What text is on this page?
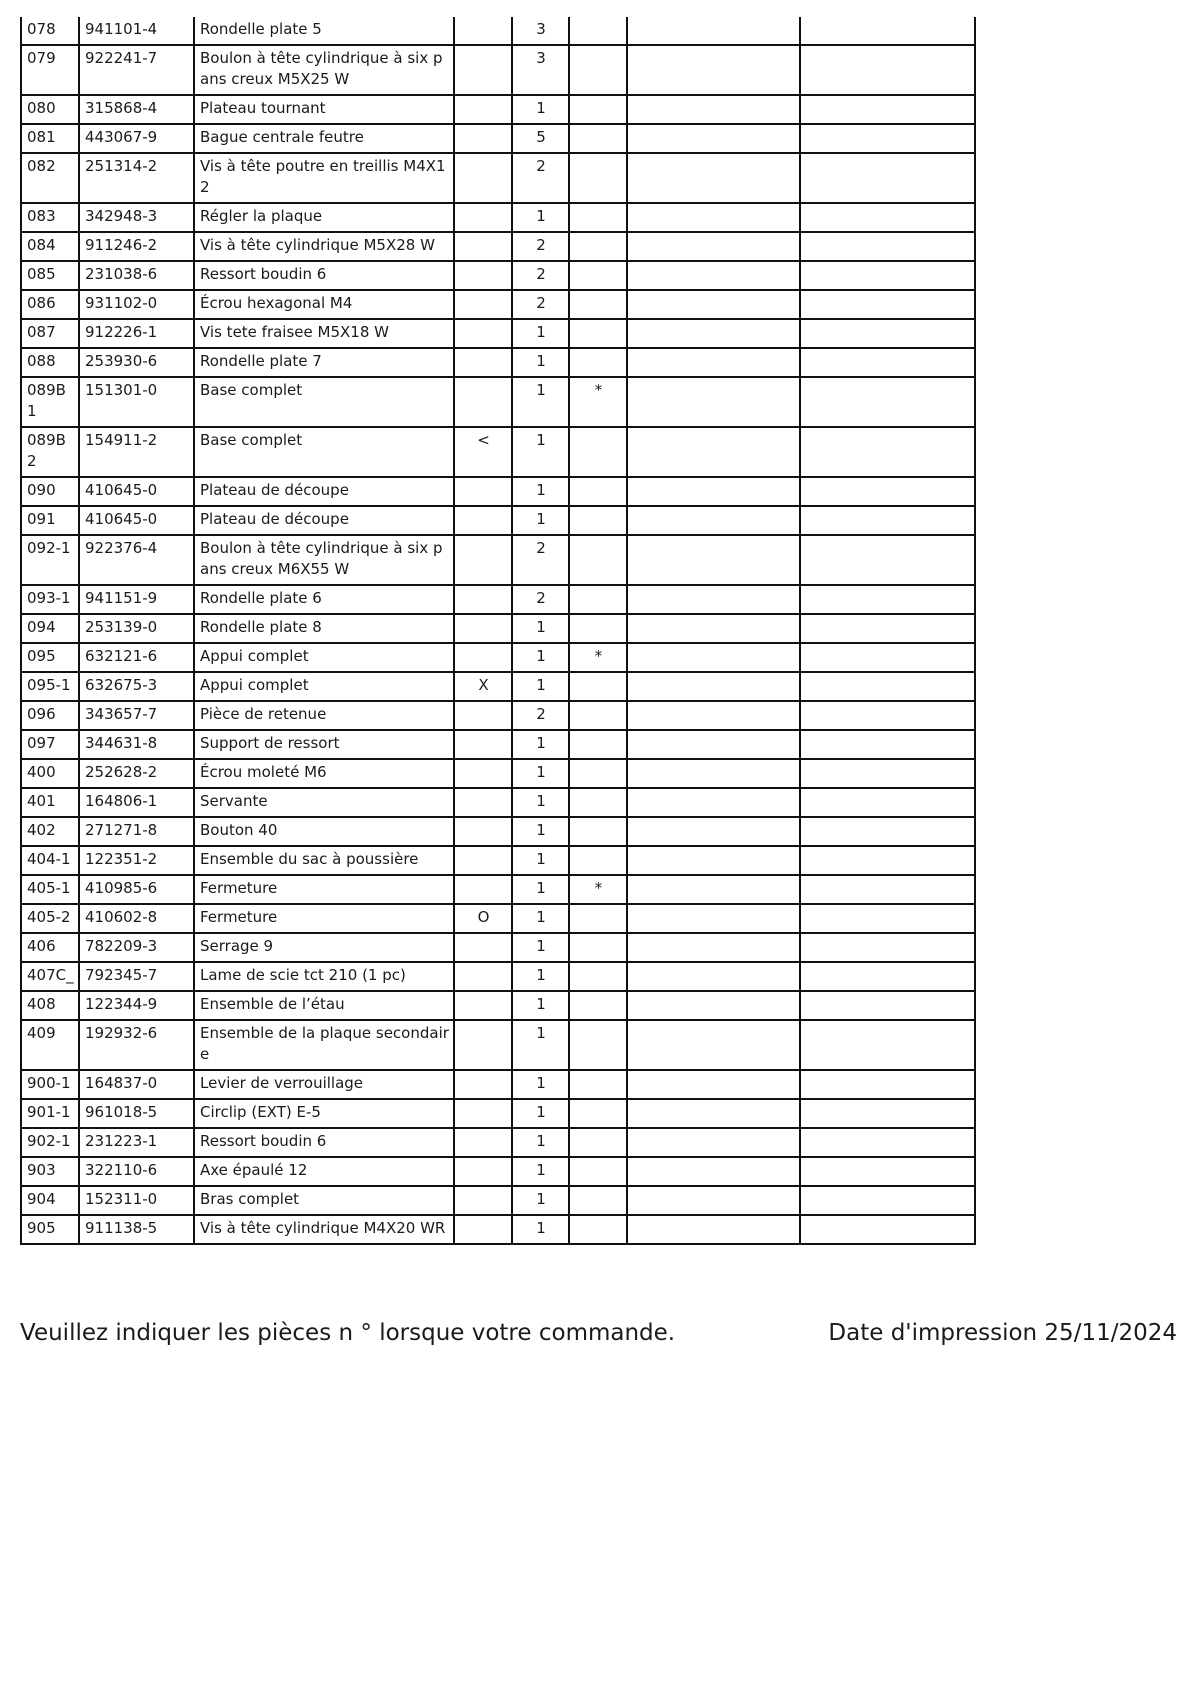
078	941101-4	Rondelle plate 5		3			
079	922241-7	Boulon à tête cylindrique à six pans creux M5X25 W		3			
080	315868-4	Plateau tournant		1			
081	443067-9	Bague centrale feutre		5			
082	251314-2	Vis à tête poutre en treillis M4X12		2			
083	342948-3	Régler la plaque		1			
084	911246-2	Vis à tête cylindrique M5X28 W		2			
085	231038-6	Ressort boudin 6		2			
086	931102-0	Écrou hexagonal M4		2			
087	912226-1	Vis tete fraisee M5X18 W		1			
088	253930-6	Rondelle plate 7		1			
089B1	151301-0	Base complet		1	*		
089B2	154911-2	Base complet	<	1			
090	410645-0	Plateau de découpe		1			
091	410645-0	Plateau de découpe		1			
092-1	922376-4	Boulon à tête cylindrique à six pans creux M6X55 W		2			
093-1	941151-9	Rondelle plate 6		2			
094	253139-0	Rondelle plate 8		1			
095	632121-6	Appui complet		1	*		
095-1	632675-3	Appui complet	X	1			
096	343657-7	Pièce de retenue		2			
097	344631-8	Support de ressort		1			
400	252628-2	Écrou moleté M6		1			
401	164806-1	Servante		1			
402	271271-8	Bouton 40		1			
404-1	122351-2	Ensemble du sac à poussière		1			
405-1	410985-6	Fermeture		1	*		
405-2	410602-8	Fermeture	O	1			
406	782209-3	Serrage 9		1			
407C_	792345-7	Lame de scie tct 210 (1 pc)		1			
408	122344-9	Ensemble de l’étau		1			
409	192932-6	Ensemble de la plaque secondaire		1			
900-1	164837-0	Levier de verrouillage		1			
901-1	961018-5	Circlip (EXT) E-5		1			
902-1	231223-1	Ressort boudin 6		1			
903	322110-6	Axe épaulé 12		1			
904	152311-0	Bras complet		1			
905	911138-5	Vis à tête cylindrique M4X20 WR		1			
Veuillez indiquer les pièces n ° lorsque votre commande.	Date d'impression 25/11/2024
